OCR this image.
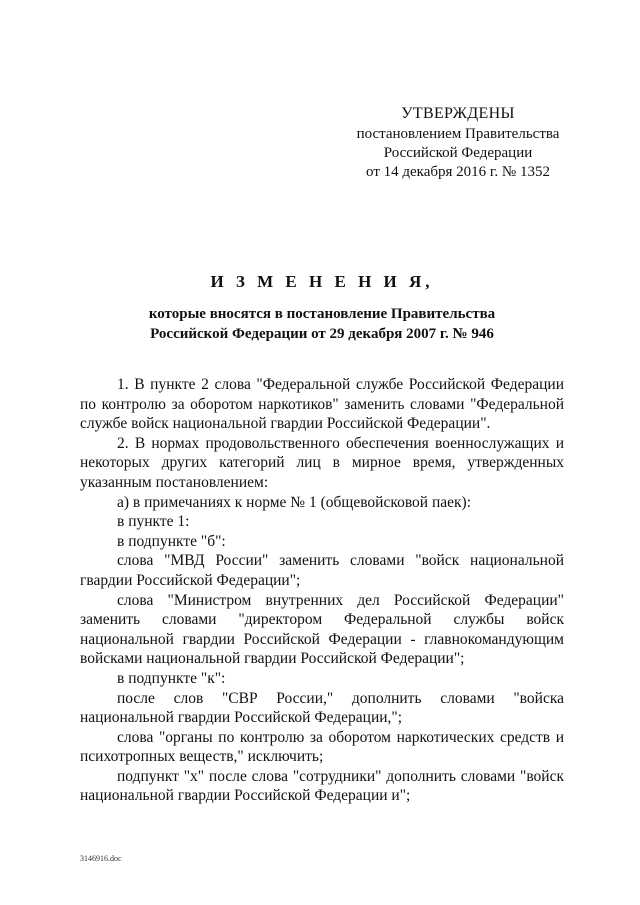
УТВЕРЖДЕНЫ
постановлением Правительства
Российской Федерации
от 14 декабря 2016 г. № 1352
И З М Е Н Е Н И Я,
которые вносятся в постановление Правительства
Российской Федерации от 29 декабря 2007 г. № 946

1. В пункте 2 слова "Федеральной службе Российской Федерации по контролю за оборотом наркотиков" заменить словами "Федеральной службе войск национальной гвардии Российской Федерации".

2. В нормах продовольственного обеспечения военнослужащих и некоторых других категорий лиц в мирное время, утвержденных указанным постановлением:

а) в примечаниях к норме № 1 (общевойсковой паек):

в пункте 1:

в подпункте "б":

слова "МВД России" заменить словами "войск национальной гвардии Российской Федерации";

слова "Министром внутренних дел Российской Федерации" заменить словами "директором Федеральной службы войск национальной гвардии Российской Федерации - главнокомандующим войсками национальной гвардии Российской Федерации";

в подпункте "к":

после слов "СВР России," дополнить словами "войска национальной гвардии Российской Федерации,";

слова "органы по контролю за оборотом наркотических средств и психотропных веществ," исключить;

подпункт "х" после слова "сотрудники" дополнить словами "войск национальной гвардии Российской Федерации и";

3146916.doc
